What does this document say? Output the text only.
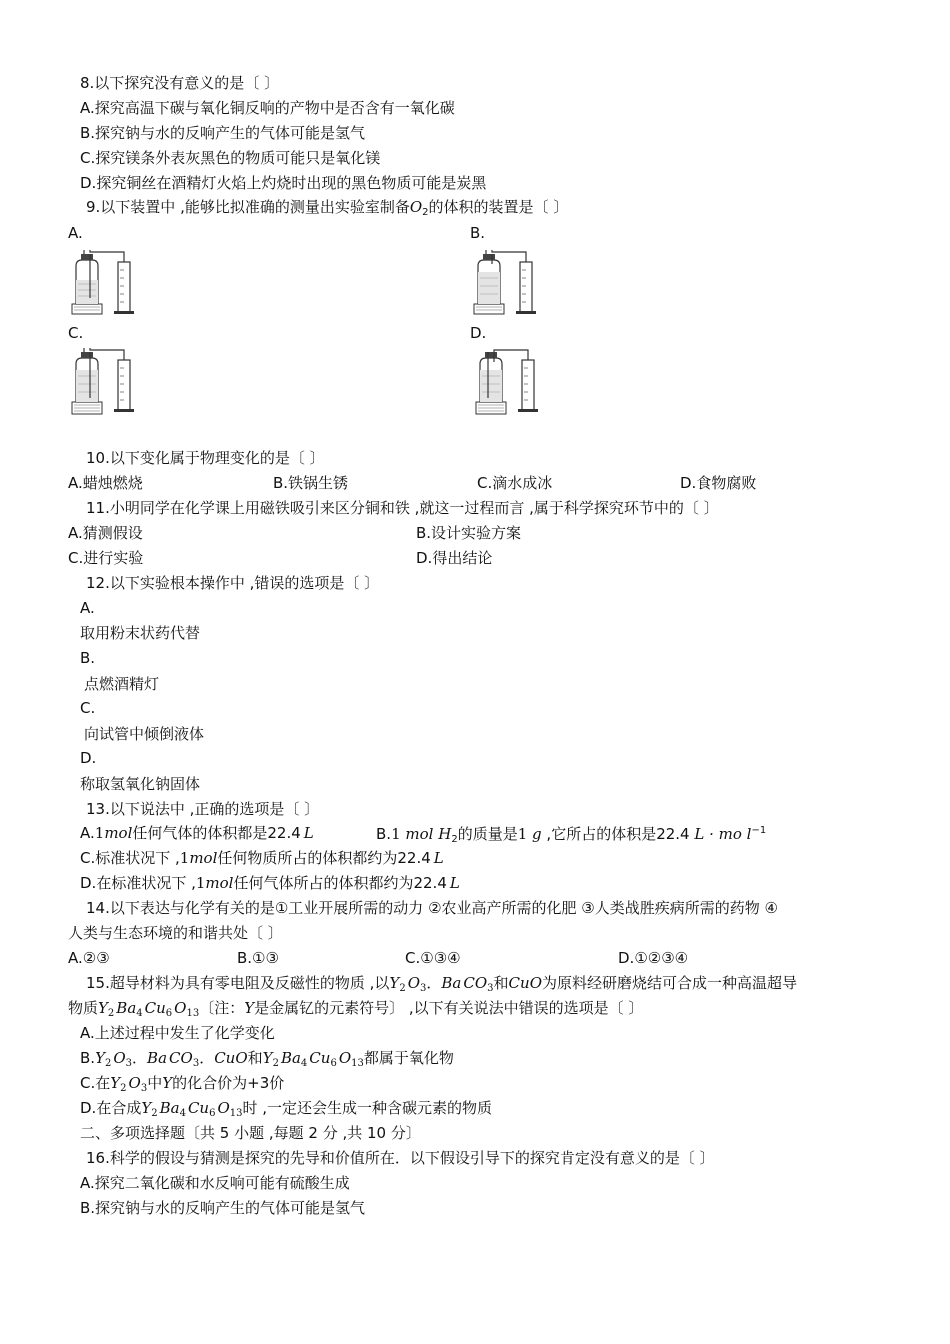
8.以下探究没有意义的是〔 〕
A.探究高温下碳与氧化铜反响的产物中是否含有一氧化碳
B.探究钠与水的反响产生的气体可能是氢气
C.探究镁条外表灰黑色的物质可能只是氧化镁
D.探究铜丝在酒精灯火焰上灼烧时出现的黑色物质可能是炭黑
9.以下装置中 ,能够比拟准确的测量出实验室制备$O_2$的体积的装置是〔 〕
A.	B.
C.	D.
10.以下变化属于物理变化的是〔 〕
A.蜡烛燃烧	B.铁锅生锈	C.滴水成冰	D.食物腐败
11.小明同学在化学课上用磁铁吸引来区分铜和铁 ,就这一过程而言 ,属于科学探究环节中的〔 〕
A.猜测假设	B.设计实验方案
C.进行实验	D.得出结论
12.以下实验根本操作中 ,错误的选项是〔 〕
A.
取用粉末状药代替
B.
点燃酒精灯
C.
向试管中倾倒液体
D.
称取氢氧化钠固体
13.以下说法中 ,正确的选项是〔 〕
A.1mol任何气体的体积都是22.4 L	B.1 mol $H_2$的质量是1 g ,它所占的体积是22.4 L · mo $l^{-1}$
C.标准状况下 ,1mol任何物质所占的体积都约为22.4 L
D.在标准状况下 ,1mol任何气体所占的体积都约为22.4 L
14.以下表达与化学有关的是①工业开展所需的动力 ②农业高产所需的化肥 ③人类战胜疾病所需的药物 ④
人类与生态环境的和谐共处〔 〕
A.②③	B.①③	C.①③④	D.①②③④
15.超导材料为具有零电阻及反磁性的物质 ,以$Y_2$ $O_3$．Ba $CO_3$和CuO为原料经研磨烧结可合成一种高温超导
物质$Y_2$ $Ba_4$ $Cu_6$ $O_{13}$〔注：Y是金属钇的元素符号〕 ,以下有关说法中错误的选项是〔 〕
A.上述过程中发生了化学变化
$B.Y_2$ $O_3$．Ba $CO_3$．CuO和$Y_2$ $Ba_4$ $Cu_6$ $O_{13}$都属于氧化物
C.在$Y_2$ $O_3$中Y的化合价为+3价
D.在合成$Y_2$ $Ba_4$ $Cu_6$ $O_{13}$时 ,一定还会生成一种含碳元素的物质
二、多项选择题〔共 5 小题 ,每题 2 分 ,共 10 分〕
16.科学的假设与猜测是探究的先导和价值所在．以下假设引导下的探究肯定没有意义的是〔 〕
A.探究二氧化碳和水反响可能有硫酸生成
B.探究钠与水的反响产生的气体可能是氢气
